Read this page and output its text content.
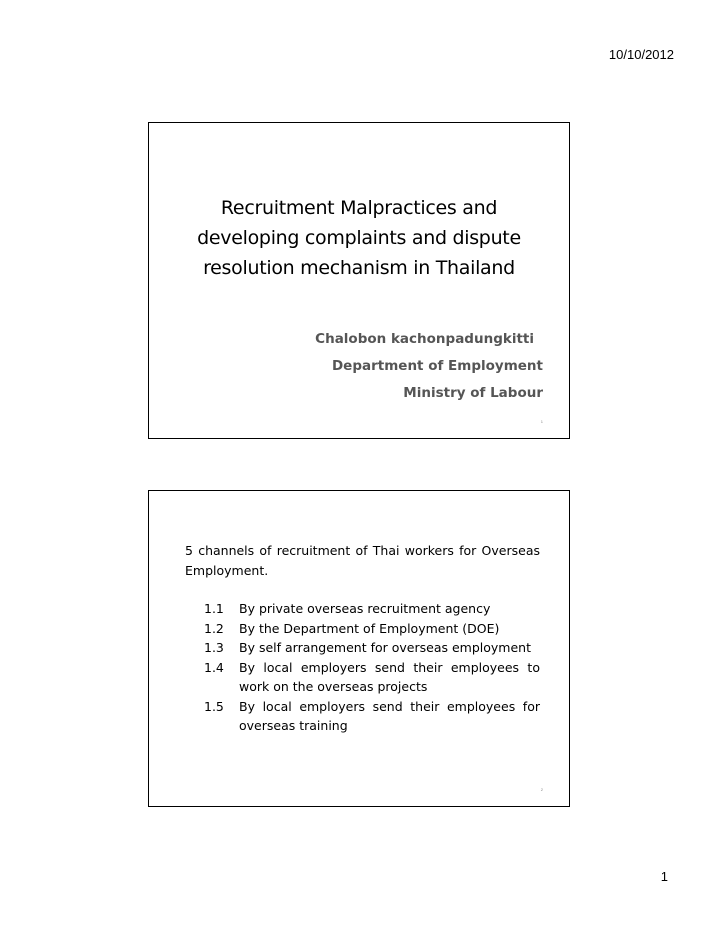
10/10/2012
Recruitment Malpractices and
developing complaints and dispute
resolution mechanism in Thailand
Chalobon kachonpadungkitti
Department of Employment
Ministry of Labour
1

5 channels of recruitment of Thai workers for Overseas Employment.

1.1	By private overseas recruitment agency
1.2	By the Department of Employment (DOE)
1.3	By self arrangement for overseas employment
1.4	By local employers send their employees to work on the overseas projects
1.5	By local employers send their employees for overseas training
2
1
